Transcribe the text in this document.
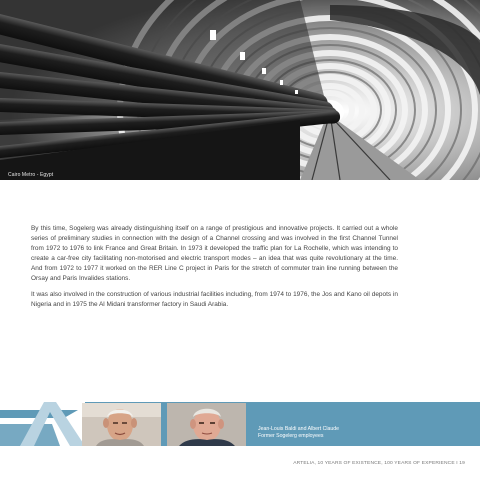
Cairo Metro - Egypt

By this time, Sogelerg was already distinguishing itself on a range of prestigious and innovative projects. It carried out a whole series of preliminary studies in connection with the design of a Channel crossing and was involved in the first Channel Tunnel from 1972 to 1976 to link France and Great Britain. In 1973 it developed the traffic plan for La Rochelle, which was intending to create a car-free city facilitating non-motorised and electric transport modes – an idea that was quite revolutionary at the time. And from 1972 to 1977 it worked on the RER Line C project in Paris for the stretch of commuter train line running between the Orsay and Paris Invalides stations.

It was also involved in the construction of various industrial facilities including, from 1974 to 1976, the Jos and Kano oil depots in Nigeria and in 1975 the Al Midani transformer factory in Saudi Arabia.

Jean-Louis Baldi and Albert Claude
Former Sogelerg employees
ARTELIA, 10 YEARS OF EXISTENCE, 100 YEARS OF EXPERIENCE I 19
